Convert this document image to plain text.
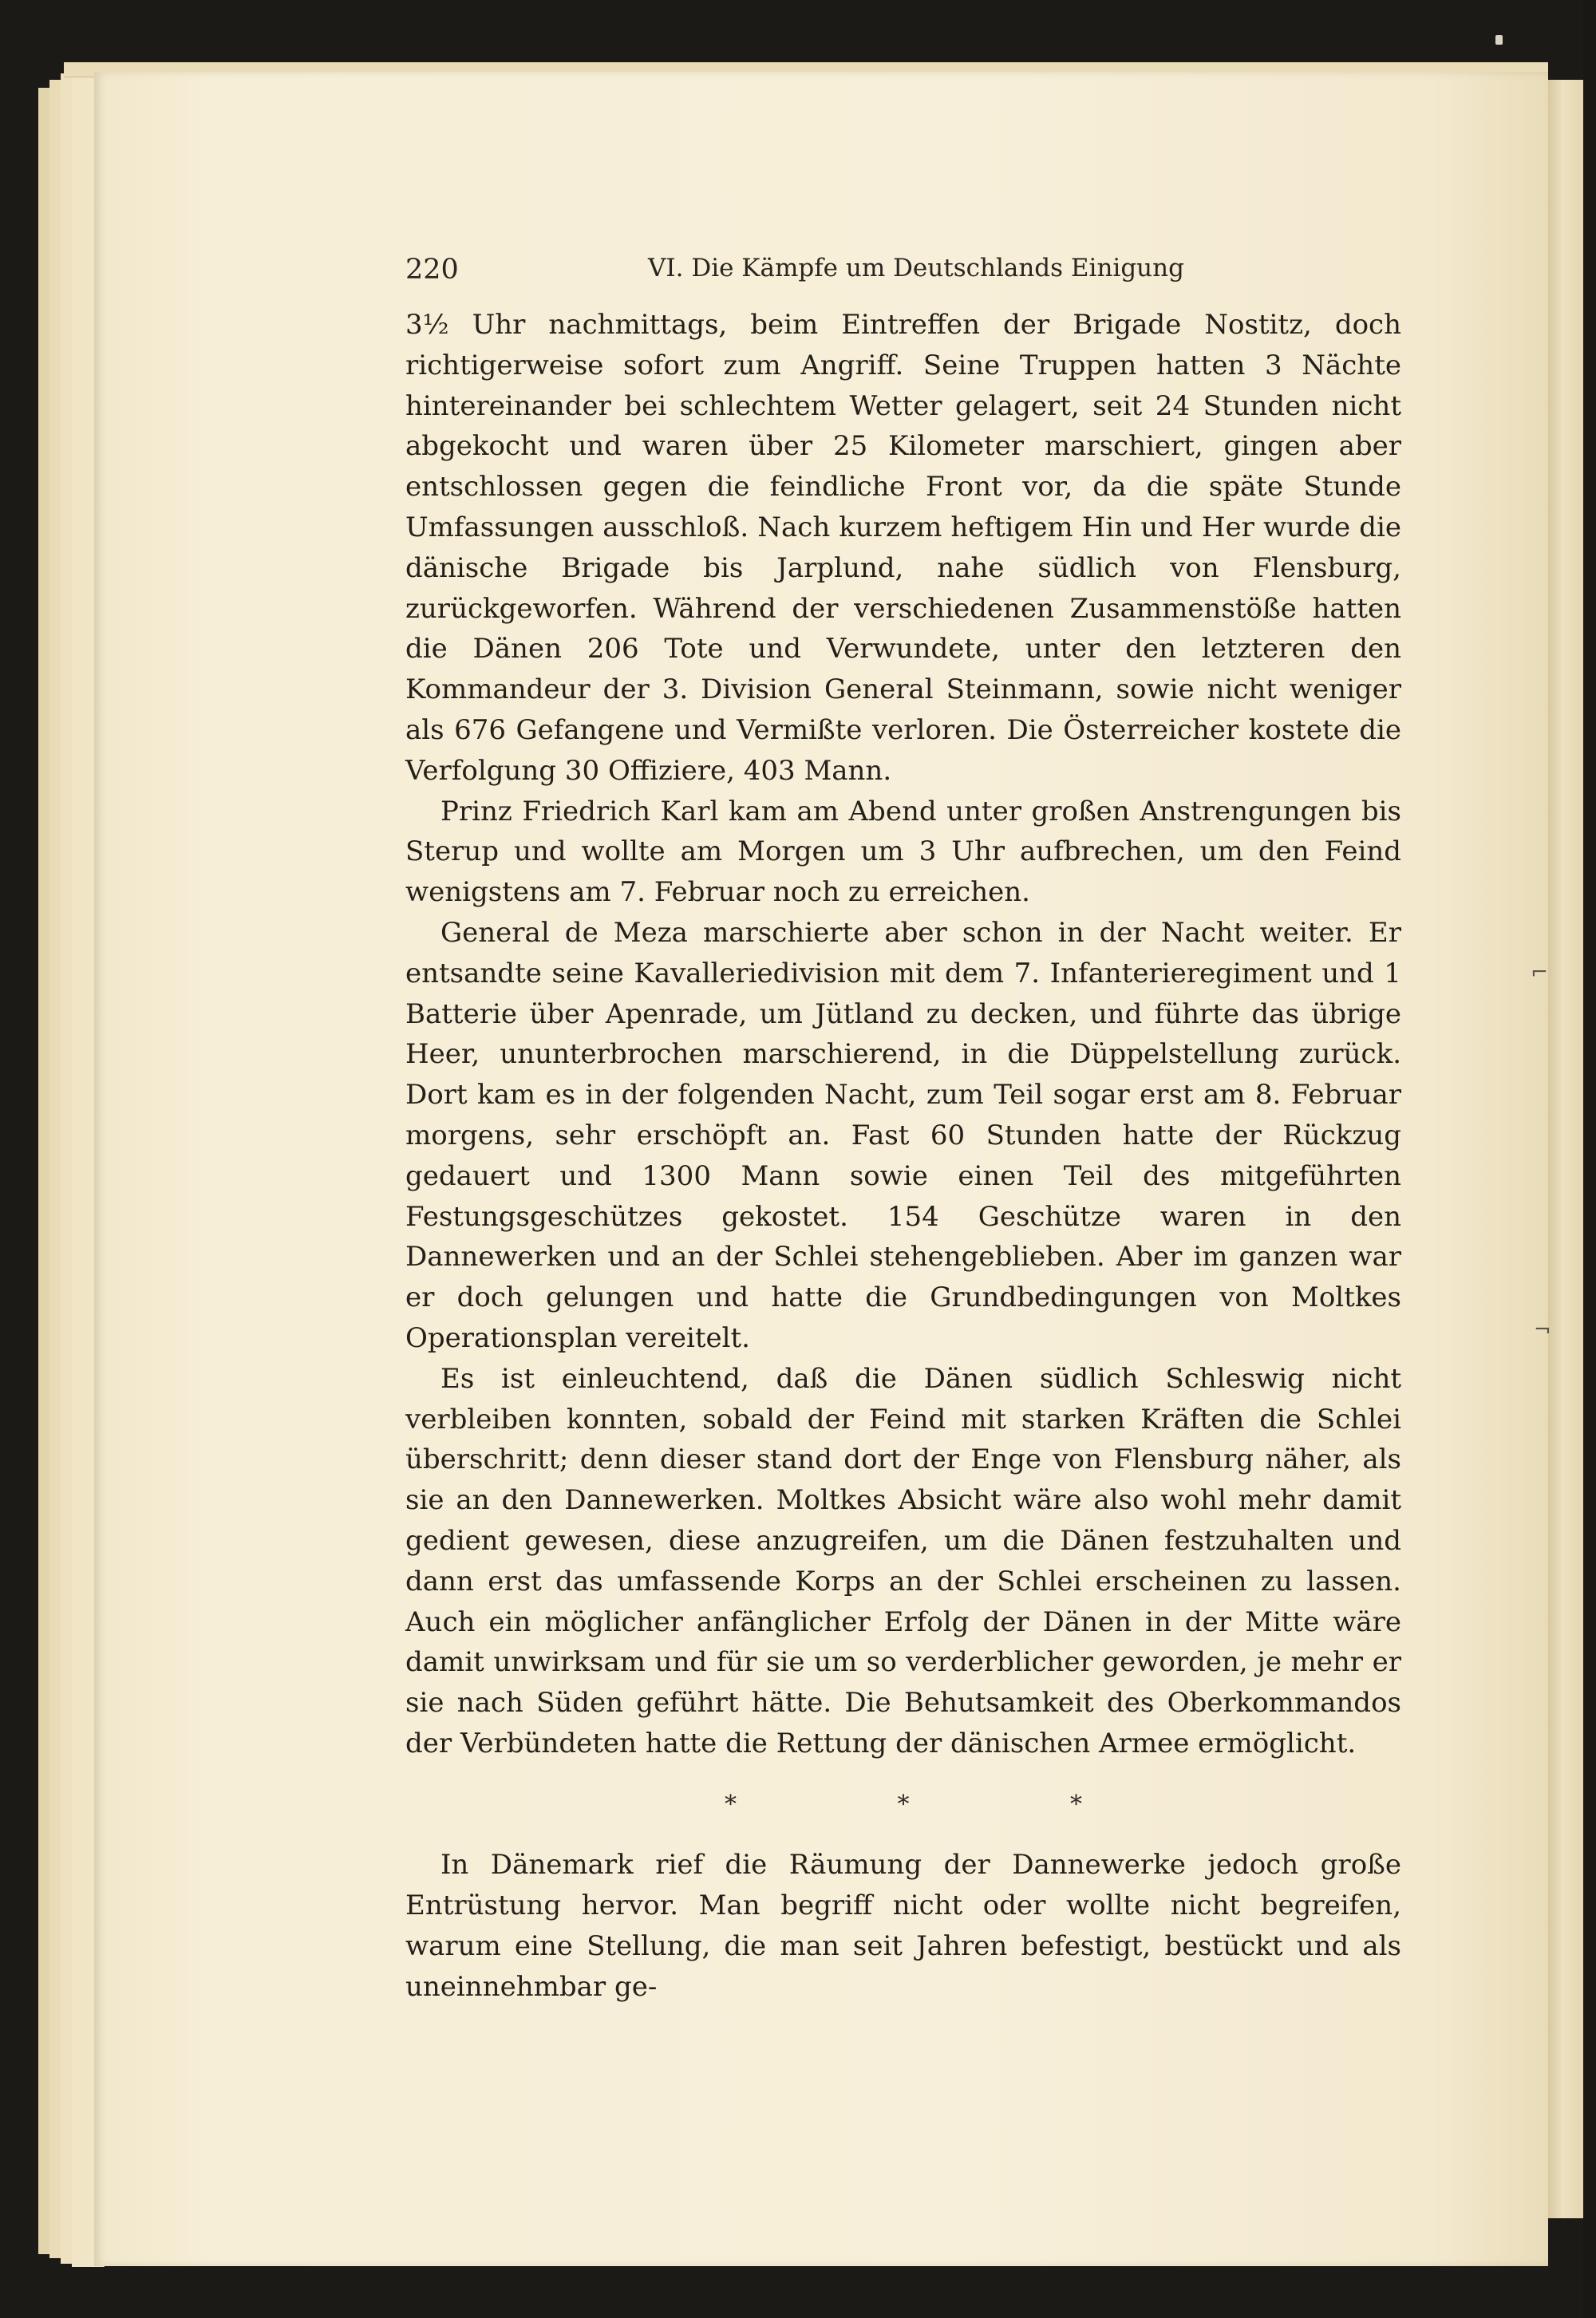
220	VI. Die Kämpfe um Deutschlands Einigung

3½ Uhr nachmittags, beim Eintreffen der Brigade Nostitz, doch richtigerweise sofort zum Angriff. Seine Truppen hatten 3 Nächte hintereinander bei schlechtem Wetter gelagert, seit 24 Stunden nicht abgekocht und waren über 25 Kilometer marschiert, gingen aber entschlossen gegen die feindliche Front vor, da die späte Stunde Umfassungen ausschloß. Nach kurzem heftigem Hin und Her wurde die dänische Brigade bis Jarplund, nahe südlich von Flensburg, zurückgeworfen. Während der verschiedenen Zusammenstöße hatten die Dänen 206 Tote und Verwundete, unter den letzteren den Kommandeur der 3. Division General Steinmann, sowie nicht weniger als 676 Gefangene und Vermißte verloren. Die Österreicher kostete die Verfolgung 30 Offiziere, 403 Mann.

Prinz Friedrich Karl kam am Abend unter großen Anstrengungen bis Sterup und wollte am Morgen um 3 Uhr aufbrechen, um den Feind wenigstens am 7. Februar noch zu erreichen.

General de Meza marschierte aber schon in der Nacht weiter. Er entsandte seine Kavalleriedivision mit dem 7. Infanterieregiment und 1 Batterie über Apenrade, um Jütland zu decken, und führte das übrige Heer, ununterbrochen marschierend, in die Düppelstellung zurück. Dort kam es in der folgenden Nacht, zum Teil sogar erst am 8. Februar morgens, sehr erschöpft an. Fast 60 Stunden hatte der Rückzug gedauert und 1300 Mann sowie einen Teil des mitgeführten Festungsgeschützes gekostet. 154 Geschütze waren in den Dannewerken und an der Schlei stehengeblieben. Aber im ganzen war er doch gelungen und hatte die Grundbedingungen von Moltkes Operationsplan vereitelt.

Es ist einleuchtend, daß die Dänen südlich Schleswig nicht verbleiben konnten, sobald der Feind mit starken Kräften die Schlei überschritt; denn dieser stand dort der Enge von Flensburg näher, als sie an den Dannewerken. Moltkes Absicht wäre also wohl mehr damit gedient gewesen, diese anzugreifen, um die Dänen festzuhalten und dann erst das umfassende Korps an der Schlei erscheinen zu lassen. Auch ein möglicher anfänglicher Erfolg der Dänen in der Mitte wäre damit unwirksam und für sie um so verderblicher geworden, je mehr er sie nach Süden geführt hätte. Die Behutsamkeit des Oberkommandos der Verbündeten hatte die Rettung der dänischen Armee ermöglicht.

* * *

In Dänemark rief die Räumung der Dannewerke jedoch große Entrüstung hervor. Man begriff nicht oder wollte nicht begreifen, warum eine Stellung, die man seit Jahren befestigt, bestückt und als uneinnehmbar ge-

⌐
¬
